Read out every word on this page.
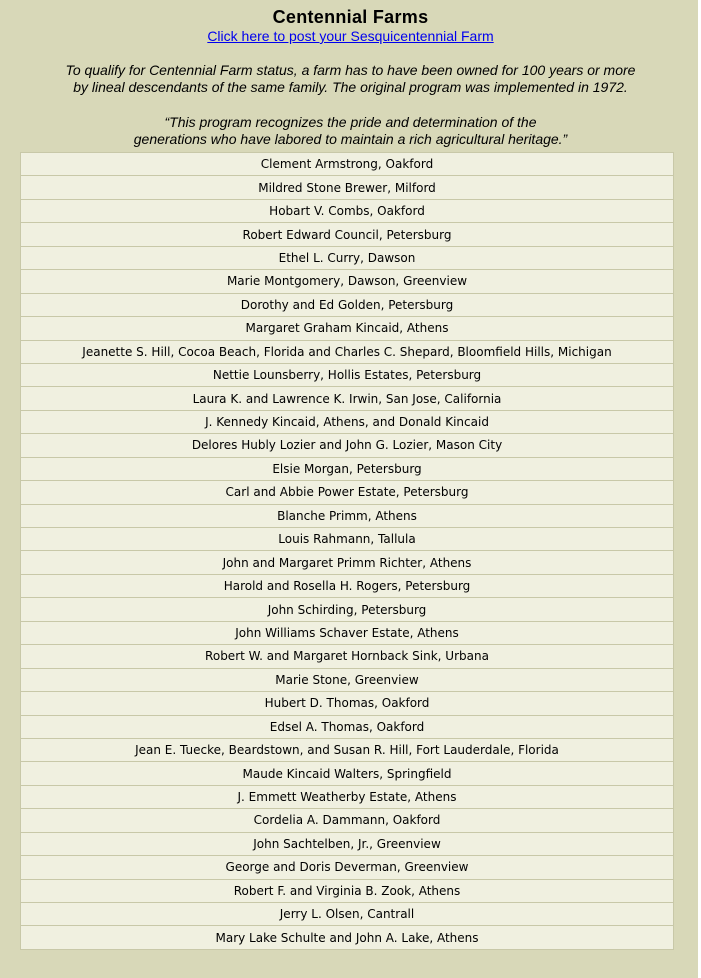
Centennial Farms
Click here to post your Sesquicentennial Farm

To qualify for Centennial Farm status, a farm has to have been owned for 100 years or more
by lineal descendants of the same family. The original program was implemented in 1972.

“This program recognizes the pride and determination of the
generations who have labored to maintain a rich agricultural heritage.”

Clement Armstrong, Oakford
Mildred Stone Brewer, Milford
Hobart V. Combs, Oakford
Robert Edward Council, Petersburg
Ethel L. Curry, Dawson
Marie Montgomery, Dawson, Greenview
Dorothy and Ed Golden, Petersburg
Margaret Graham Kincaid, Athens
Jeanette S. Hill, Cocoa Beach, Florida and Charles C. Shepard, Bloomfield Hills, Michigan
Nettie Lounsberry, Hollis Estates, Petersburg
Laura K. and Lawrence K. Irwin, San Jose, California
J. Kennedy Kincaid, Athens, and Donald Kincaid
Delores Hubly Lozier and John G. Lozier, Mason City
Elsie Morgan, Petersburg
Carl and Abbie Power Estate, Petersburg
Blanche Primm, Athens
Louis Rahmann, Tallula
John and Margaret Primm Richter, Athens
Harold and Rosella H. Rogers, Petersburg
John Schirding, Petersburg
John Williams Schaver Estate, Athens
Robert W. and Margaret Hornback Sink, Urbana
Marie Stone, Greenview
Hubert D. Thomas, Oakford
Edsel A. Thomas, Oakford
Jean E. Tuecke, Beardstown, and Susan R. Hill, Fort Lauderdale, Florida
Maude Kincaid Walters, Springfield
J. Emmett Weatherby Estate, Athens
Cordelia A. Dammann, Oakford
John Sachtelben, Jr., Greenview
George and Doris Deverman, Greenview
Robert F. and Virginia B. Zook, Athens
Jerry L. Olsen, Cantrall
Mary Lake Schulte and John A. Lake, Athens
